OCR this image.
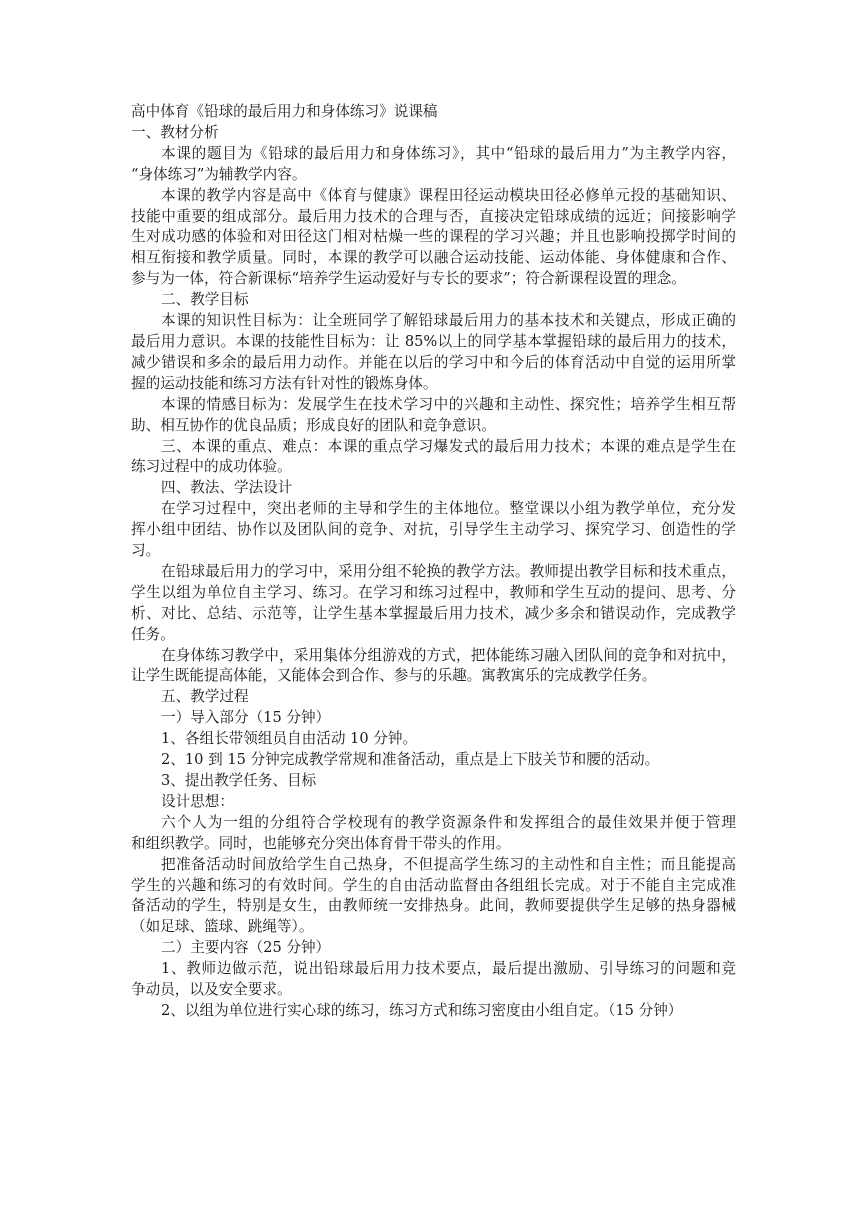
高中体育《铅球的最后用力和身体练习》说课稿
一、教材分析
本课的题目为《铅球的最后用力和身体练习》，其中“铅球的最后用力”为主教学内容，
“身体练习”为辅教学内容。
本课的教学内容是高中《体育与健康》课程田径运动模块田径必修单元投的基础知识、
技能中重要的组成部分。最后用力技术的合理与否，直接决定铅球成绩的远近；间接影响学
生对成功感的体验和对田径这门相对枯燥一些的课程的学习兴趣；并且也影响投掷学时间的
相互衔接和教学质量。同时，本课的教学可以融合运动技能、运动体能、身体健康和合作、
参与为一体，符合新课标“培养学生运动爱好与专长的要求”；符合新课程设置的理念。
二、教学目标
本课的知识性目标为：让全班同学了解铅球最后用力的基本技术和关键点，形成正确的
最后用力意识。本课的技能性目标为：让 85%以上的同学基本掌握铅球的最后用力的技术，
减少错误和多余的最后用力动作。并能在以后的学习中和今后的体育活动中自觉的运用所掌
握的运动技能和练习方法有针对性的锻炼身体。
本课的情感目标为：发展学生在技术学习中的兴趣和主动性、探究性；培养学生相互帮
助、相互协作的优良品质；形成良好的团队和竞争意识。
三、本课的重点、难点：本课的重点学习爆发式的最后用力技术；本课的难点是学生在
练习过程中的成功体验。
四、教法、学法设计
在学习过程中，突出老师的主导和学生的主体地位。整堂课以小组为教学单位，充分发
挥小组中团结、协作以及团队间的竞争、对抗，引导学生主动学习、探究学习、创造性的学
习。
在铅球最后用力的学习中，采用分组不轮换的教学方法。教师提出教学目标和技术重点，
学生以组为单位自主学习、练习。在学习和练习过程中，教师和学生互动的提问、思考、分
析、对比、总结、示范等，让学生基本掌握最后用力技术，减少多余和错误动作，完成教学
任务。
在身体练习教学中，采用集体分组游戏的方式，把体能练习融入团队间的竞争和对抗中，
让学生既能提高体能，又能体会到合作、参与的乐趣。寓教寓乐的完成教学任务。
五、教学过程
一）导入部分（15 分钟）
1、各组长带领组员自由活动 10 分钟。
2、10 到 15 分钟完成教学常规和准备活动，重点是上下肢关节和腰的活动。
3、提出教学任务、目标
设计思想：
六个人为一组的分组符合学校现有的教学资源条件和发挥组合的最佳效果并便于管理
和组织教学。同时，也能够充分突出体育骨干带头的作用。
把准备活动时间放给学生自己热身，不但提高学生练习的主动性和自主性；而且能提高
学生的兴趣和练习的有效时间。学生的自由活动监督由各组组长完成。对于不能自主完成准
备活动的学生，特别是女生，由教师统一安排热身。此间，教师要提供学生足够的热身器械
（如足球、篮球、跳绳等）。
二）主要内容（25 分钟）
1、教师边做示范，说出铅球最后用力技术要点，最后提出激励、引导练习的问题和竞
争动员，以及安全要求。
2、以组为单位进行实心球的练习，练习方式和练习密度由小组自定。（15 分钟）
